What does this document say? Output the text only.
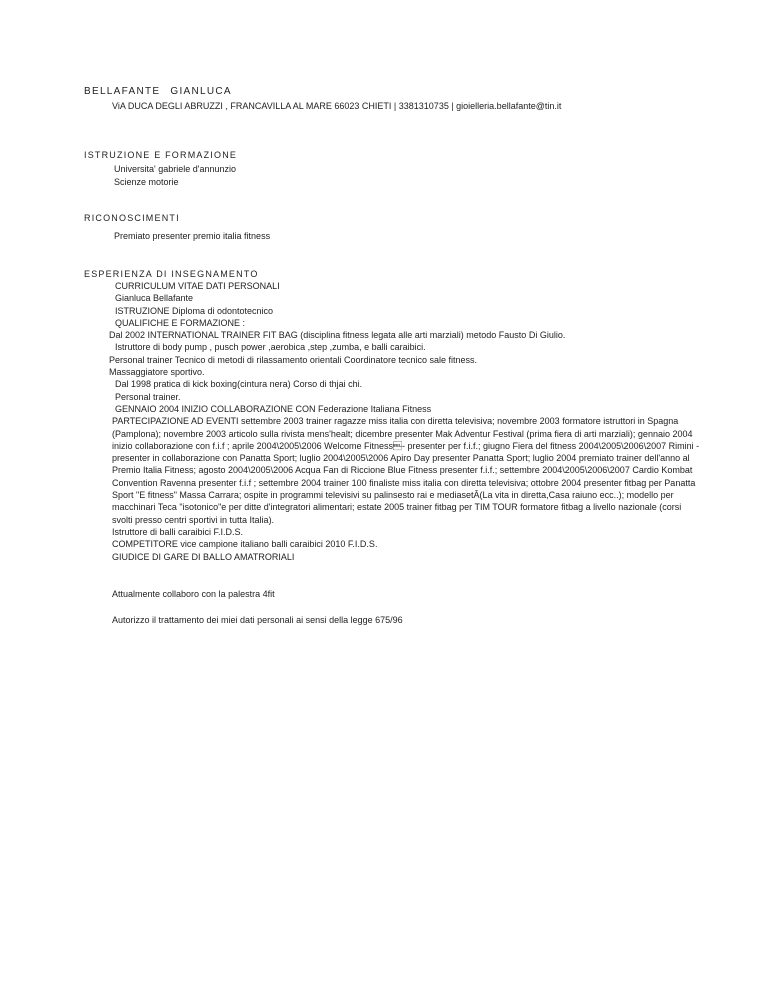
BELLAFANTE GIANLUCA
ViA DUCA DEGLI ABRUZZI , FRANCAVILLA AL MARE 66023 CHIETI | 3381310735 | gioielleria.bellafante@tin.it
ISTRUZIONE E FORMAZIONE
Universita' gabriele d'annunzio
Scienze motorie
RICONOSCIMENTI
Premiato presenter premio italia fitness
ESPERIENZA DI INSEGNAMENTO

CURRICULUM VITAE DATI PERSONALI

Gianluca Bellafante

ISTRUZIONE Diploma di odontotecnico

QUALIFICHE E FORMAZIONE :

Dal 2002 INTERNATIONAL TRAINER FIT BAG (disciplina fitness legata alle arti marziali) metodo Fausto Di Giulio.

Istruttore di body pump , pusch power ,aerobica ,step ,zumba, e balli caraibici.

Personal trainer Tecnico di metodi di rilassamento orientali Coordinatore tecnico sale fitness.

Massaggiatore sportivo.

Dal 1998 pratica di kick boxing(cintura nera) Corso di thjai chi.

Personal trainer.

GENNAIO 2004 INIZIO COLLABORAZIONE CON Federazione Italiana Fitness

PARTECIPAZIONE AD EVENTI settembre 2003 trainer ragazze miss italia con diretta televisiva; novembre 2003 formatore istruttori in Spagna (Pamplona); novembre 2003 articolo sulla rivista mens'healt; dicembre presenter Mak Adventur Festival (prima fiera di arti marziali); gennaio 2004 inizio collaborazione con f.i.f ; aprile 2004\2005\2006 Welcome Fitness- presenter per f.i.f.; giugno Fiera del fitness 2004\2005\2006\2007 Rimini - presenter in collaborazione con Panatta Sport; luglio 2004\2005\2006 Apiro Day presenter Panatta Sport; luglio 2004 premiato trainer dell'anno al Premio Italia Fitness; agosto 2004\2005\2006 Acqua Fan di Riccione Blue Fitness presenter f.i.f.; settembre 2004\2005\2006\2007 Cardio Kombat Convention Ravenna presenter f.i.f ; settembre 2004 trainer 100 finaliste miss italia con diretta televisiva; ottobre 2004 presenter fitbag per Panatta Sport "E fitness" Massa Carrara; ospite in programmi televisivi su palinsesto rai e mediasetÂ(La vita in diretta,Casa raiuno ecc..); modello per macchinari Teca "isotonico"e per ditte d'integratori alimentari; estate 2005 trainer fitbag per TIM TOUR formatore fitbag a livello nazionale (corsi svolti presso centri sportivi in tutta Italia).

Istruttore di balli caraibici F.I.D.S.

COMPETITORE vice campione italiano balli caraibici 2010 F.I.D.S.

GIUDICE DI GARE DI BALLO AMATRORIALI

Attualmente collaboro con la palestra 4fit
Autorizzo il trattamento dei miei dati personali ai sensi della legge 675/96
